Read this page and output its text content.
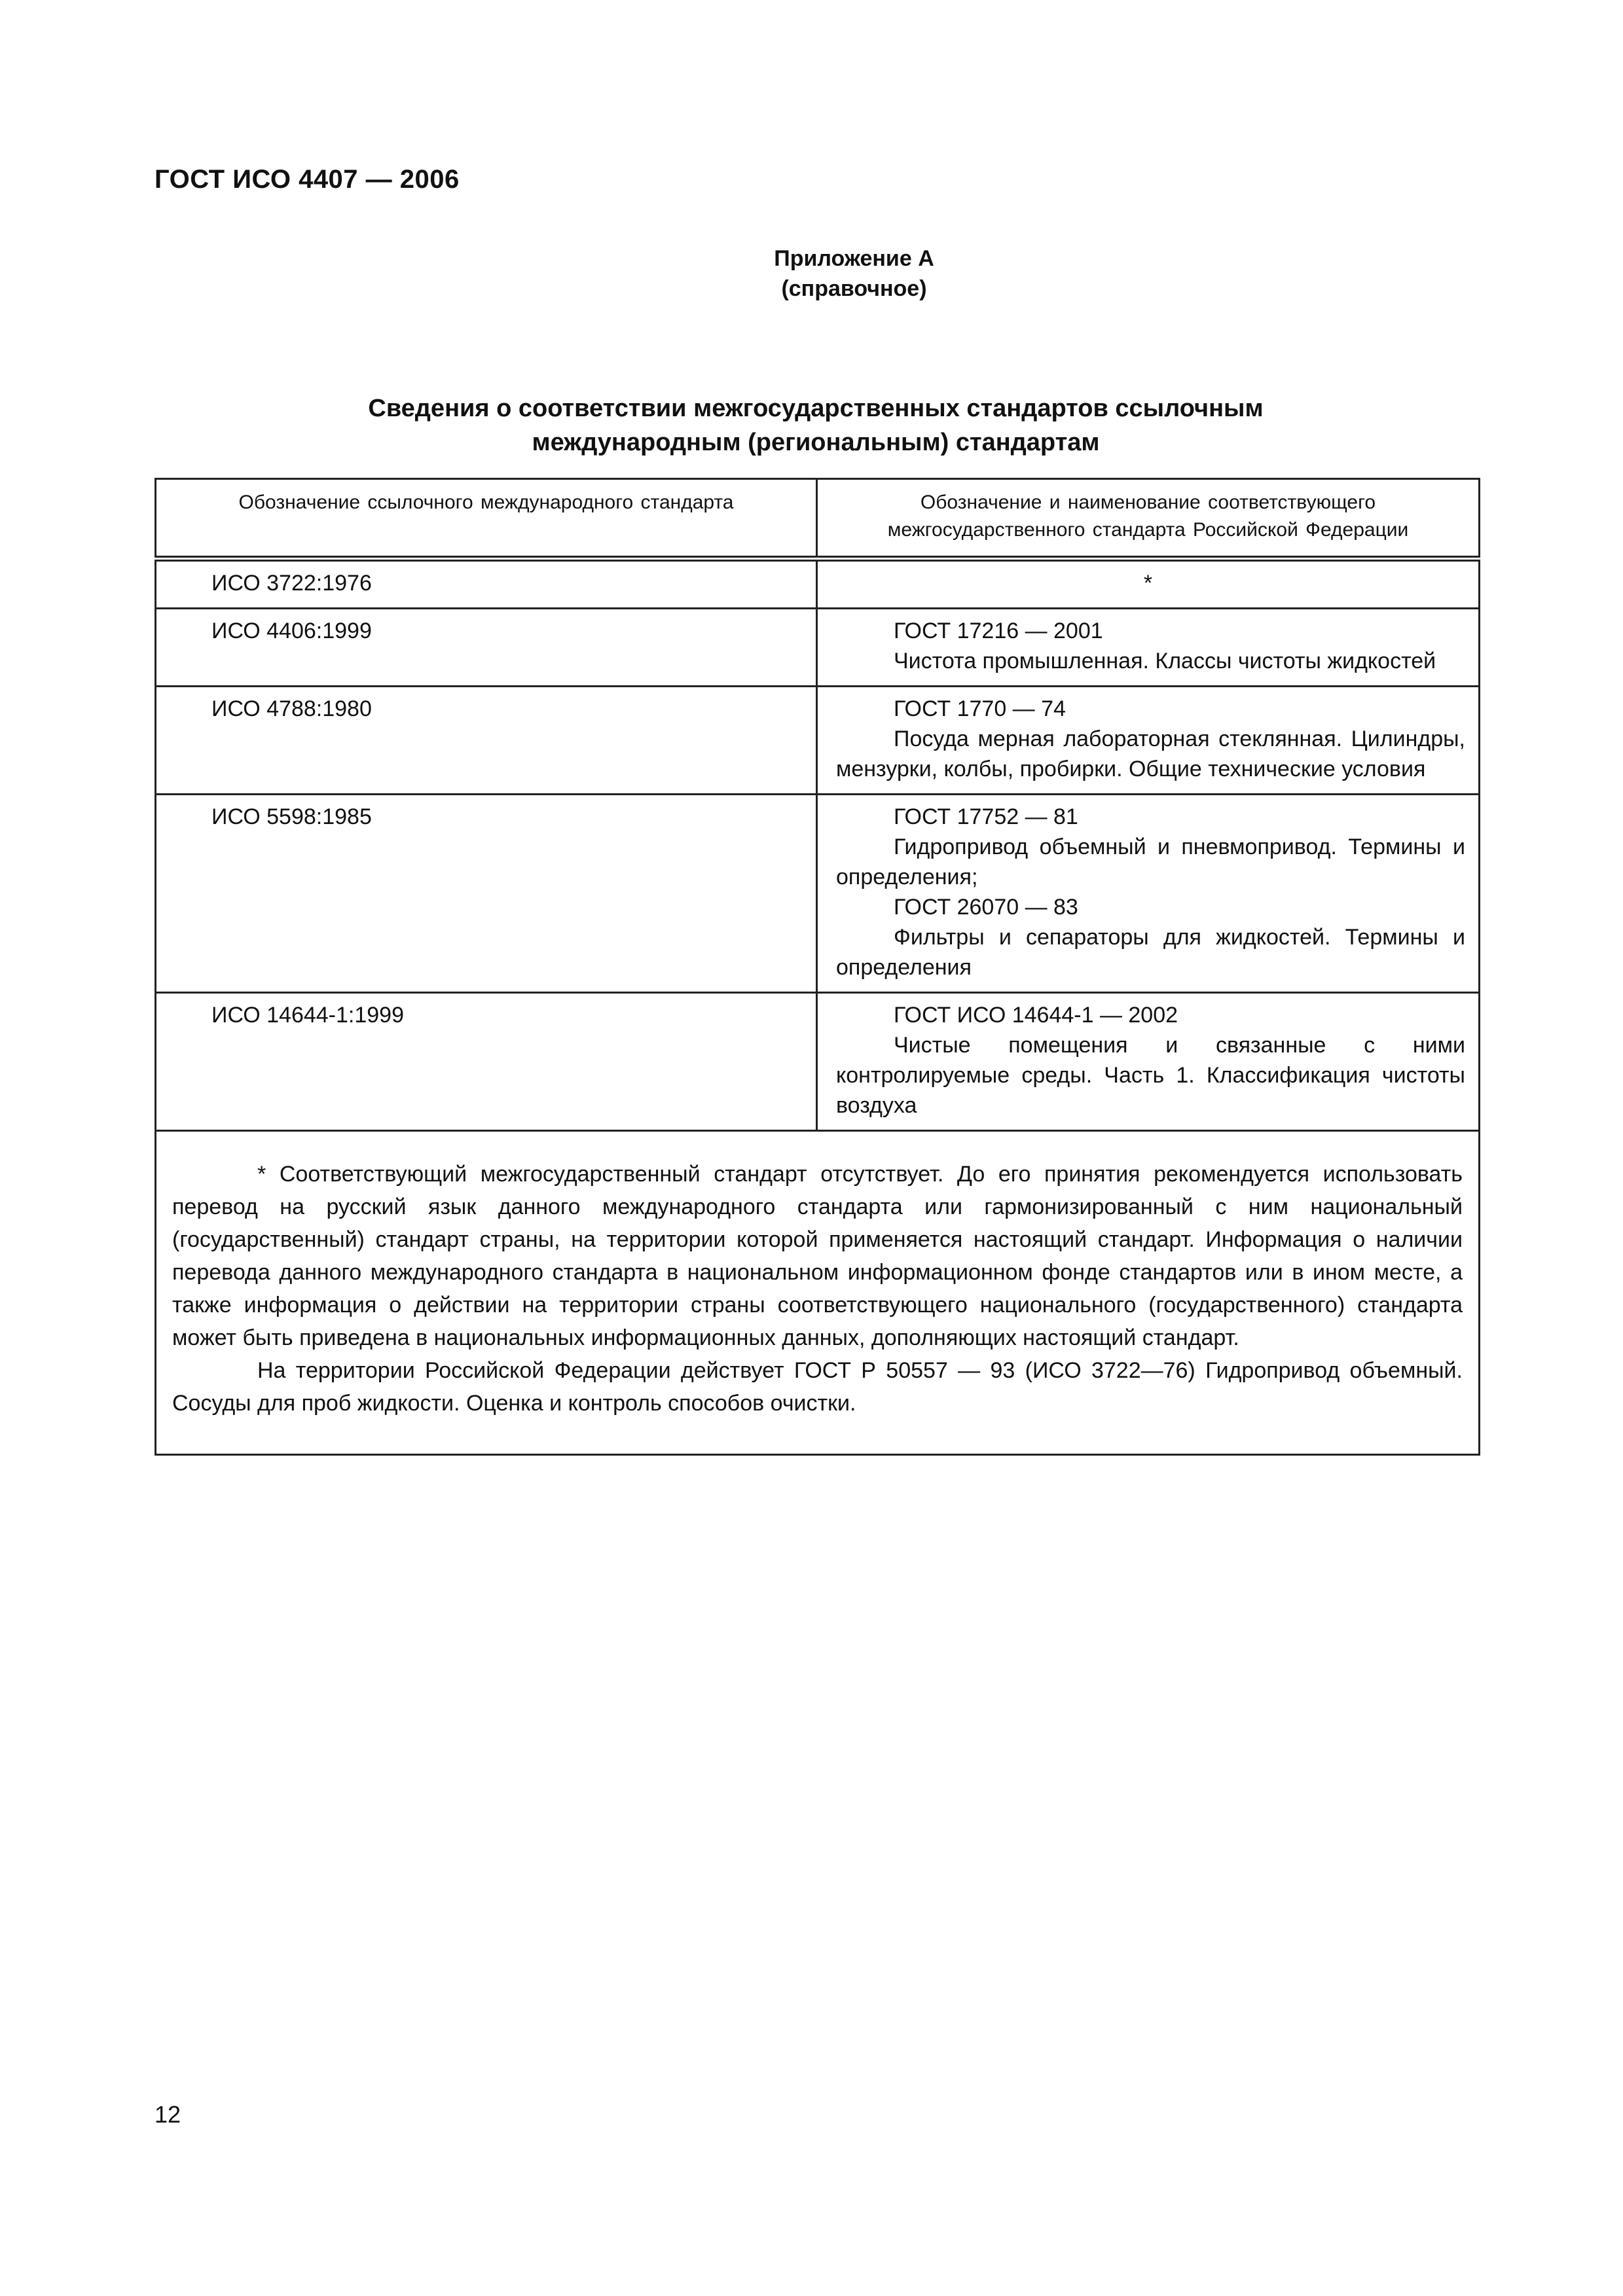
ГОСТ ИСО 4407 — 2006
Приложение А
(справочное)
Сведения о соответствии межгосударственных стандартов ссылочным
международным (региональным) стандартам
Обозначение ссылочного международного стандарта	Обозначение и наименование соответствующего межгосударственного стандарта Российской Федерации
ИСО 3722:1976	*
ИСО 4406:1999	ГОСТ 17216 — 2001
Чистота промышленная. Классы чистоты жидкостей

ИСО 4788:1980	ГОСТ 1770 — 74
Посуда мерная лабораторная стеклянная. Цилиндры, мензурки, колбы, пробирки. Общие технические условия

ИСО 5598:1985	ГОСТ 17752 — 81
Гидропривод объемный и пневмопривод. Термины и определения;
ГОСТ 26070 — 83
Фильтры и сепараторы для жидкостей. Термины и определения

ИСО 14644-1:1999	ГОСТ ИСО 14644-1 — 2002
Чистые помещения и связанные с ними контролируемые среды. Часть 1. Классификация чистоты воздуха

* Соответствующий межгосударственный стандарт отсутствует. До его принятия рекомендуется использовать перевод на русский язык данного международного стандарта или гармонизированный с ним национальный (государственный) стандарт страны, на территории которой применяется настоящий стандарт. Информация о наличии перевода данного международного стандарта в национальном информационном фонде стандартов или в ином месте, а также информация о действии на территории страны соответствующего национального (государственного) стандарта может быть приведена в национальных информационных данных, дополняющих настоящий стандарт.

На территории Российской Федерации действует ГОСТ Р 50557 — 93 (ИСО 3722—76) Гидропривод объемный. Сосуды для проб жидкости. Оценка и контроль способов очистки.	

12
